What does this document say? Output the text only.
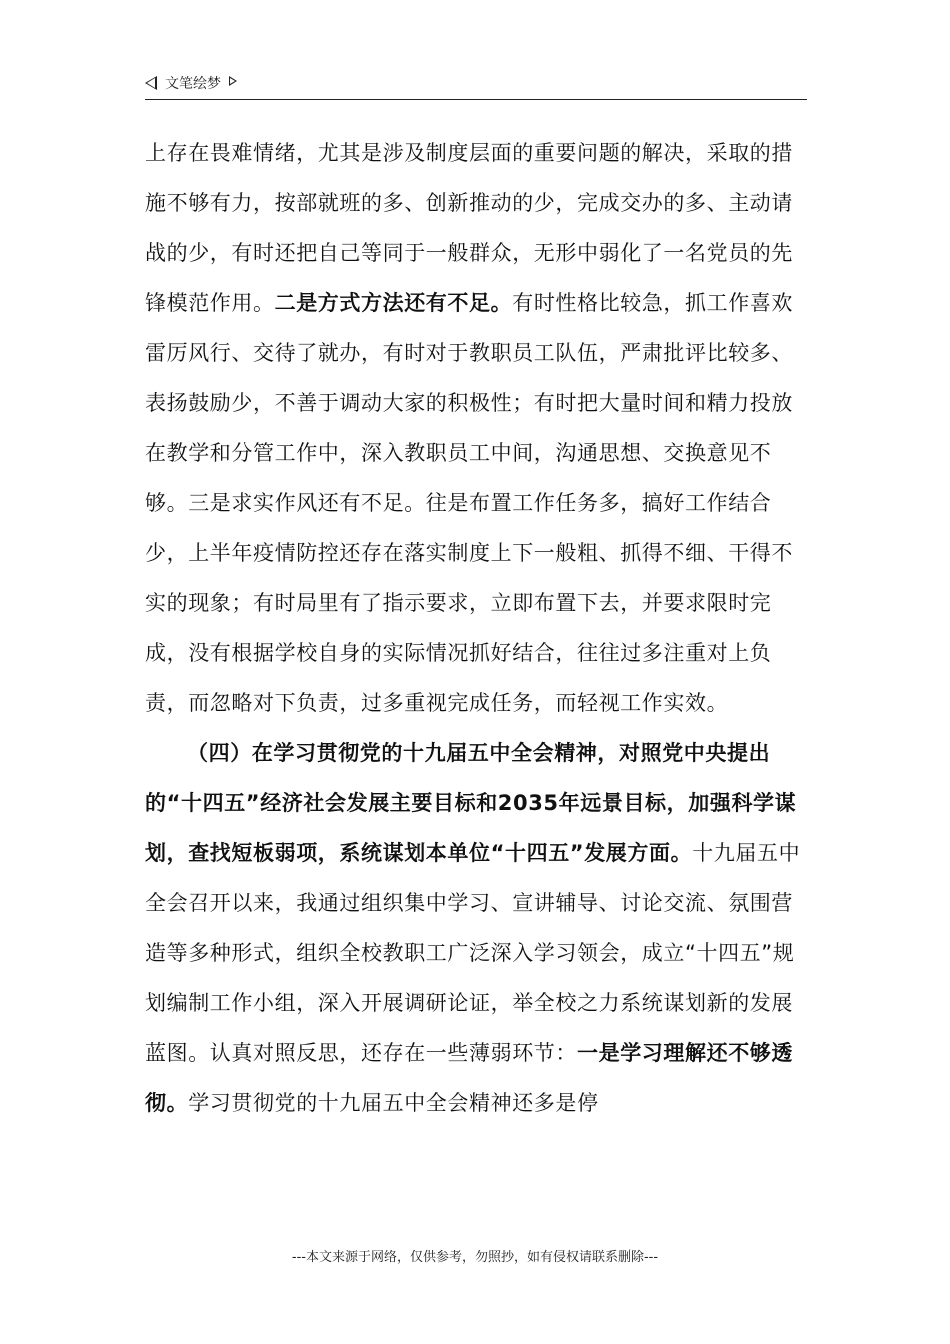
文笔绘梦

上存在畏难情绪，尤其是涉及制度层面的重要问题的解决，采取的措施不够有力，按部就班的多、创新推动的少，完成交办的多、主动请战的少，有时还把自己等同于一般群众，无形中弱化了一名党员的先锋模范作用。二是方式方法还有不足。有时性格比较急，抓工作喜欢雷厉风行、交待了就办，有时对于教职员工队伍，严肃批评比较多、表扬鼓励少，不善于调动大家的积极性；有时把大量时间和精力投放在教学和分管工作中，深入教职员工中间，沟通思想、交换意见不够。三是求实作风还有不足。往是布置工作任务多，搞好工作结合少，上半年疫情防控还存在落实制度上下一般粗、抓得不细、干得不实的现象；有时局里有了指示要求，立即布置下去，并要求限时完成，没有根据学校自身的实际情况抓好结合，往往过多注重对上负责，而忽略对下负责，过多重视完成任务，而轻视工作实效。

（四）在学习贯彻党的十九届五中全会精神，对照党中央提出的“十四五”经济社会发展主要目标和2035年远景目标，加强科学谋划，查找短板弱项，系统谋划本单位“十四五”发展方面。十九届五中全会召开以来，我通过组织集中学习、宣讲辅导、讨论交流、氛围营造等多种形式，组织全校教职工广泛深入学习领会，成立“十四五”规划编制工作小组，深入开展调研论证，举全校之力系统谋划新的发展蓝图。认真对照反思，还存在一些薄弱环节：一是学习理解还不够透彻。学习贯彻党的十九届五中全会精神还多是停

---本文来源于网络，仅供参考，勿照抄，如有侵权请联系删除---
